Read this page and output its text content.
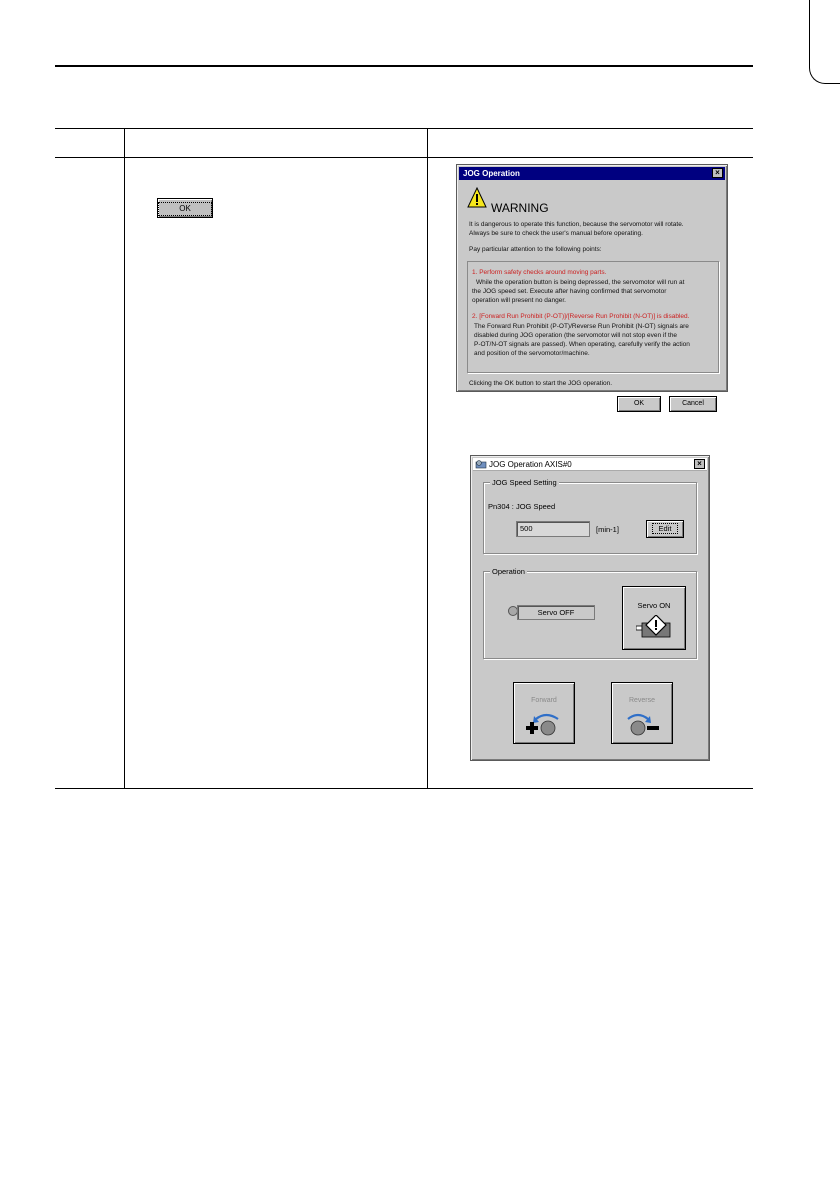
OK
JOG Operation	×
WARNING
It is dangerous to operate this function, because the servomotor will rotate.
Always be sure to check the user's manual before operating.
Pay particular attention to the following points:
1. Perform safety checks around moving parts.
While the operation button is being depressed, the servomotor will run at
the JOG speed set. Execute after having confirmed that servomotor
operation will present no danger.
2. [Forward Run Prohibit (P-OT)]/[Reverse Run Prohibit (N-OT)] is disabled.
The Forward Run Prohibit (P-OT)/Reverse Run Prohibit (N-OT) signals are
disabled during JOG operation (the servomotor will not stop even if the
P-OT/N-OT signals are passed). When operating, carefully verify the action
and position of the servomotor/machine.
Clicking the OK button to start the JOG operation.
OK	Cancel
JOG Operation AXIS#0	×
JOG Speed Setting
Pn304 : JOG Speed
500	[min-1]	Edit
Operation
Servo OFF
Servo ON
Forward	Reverse
